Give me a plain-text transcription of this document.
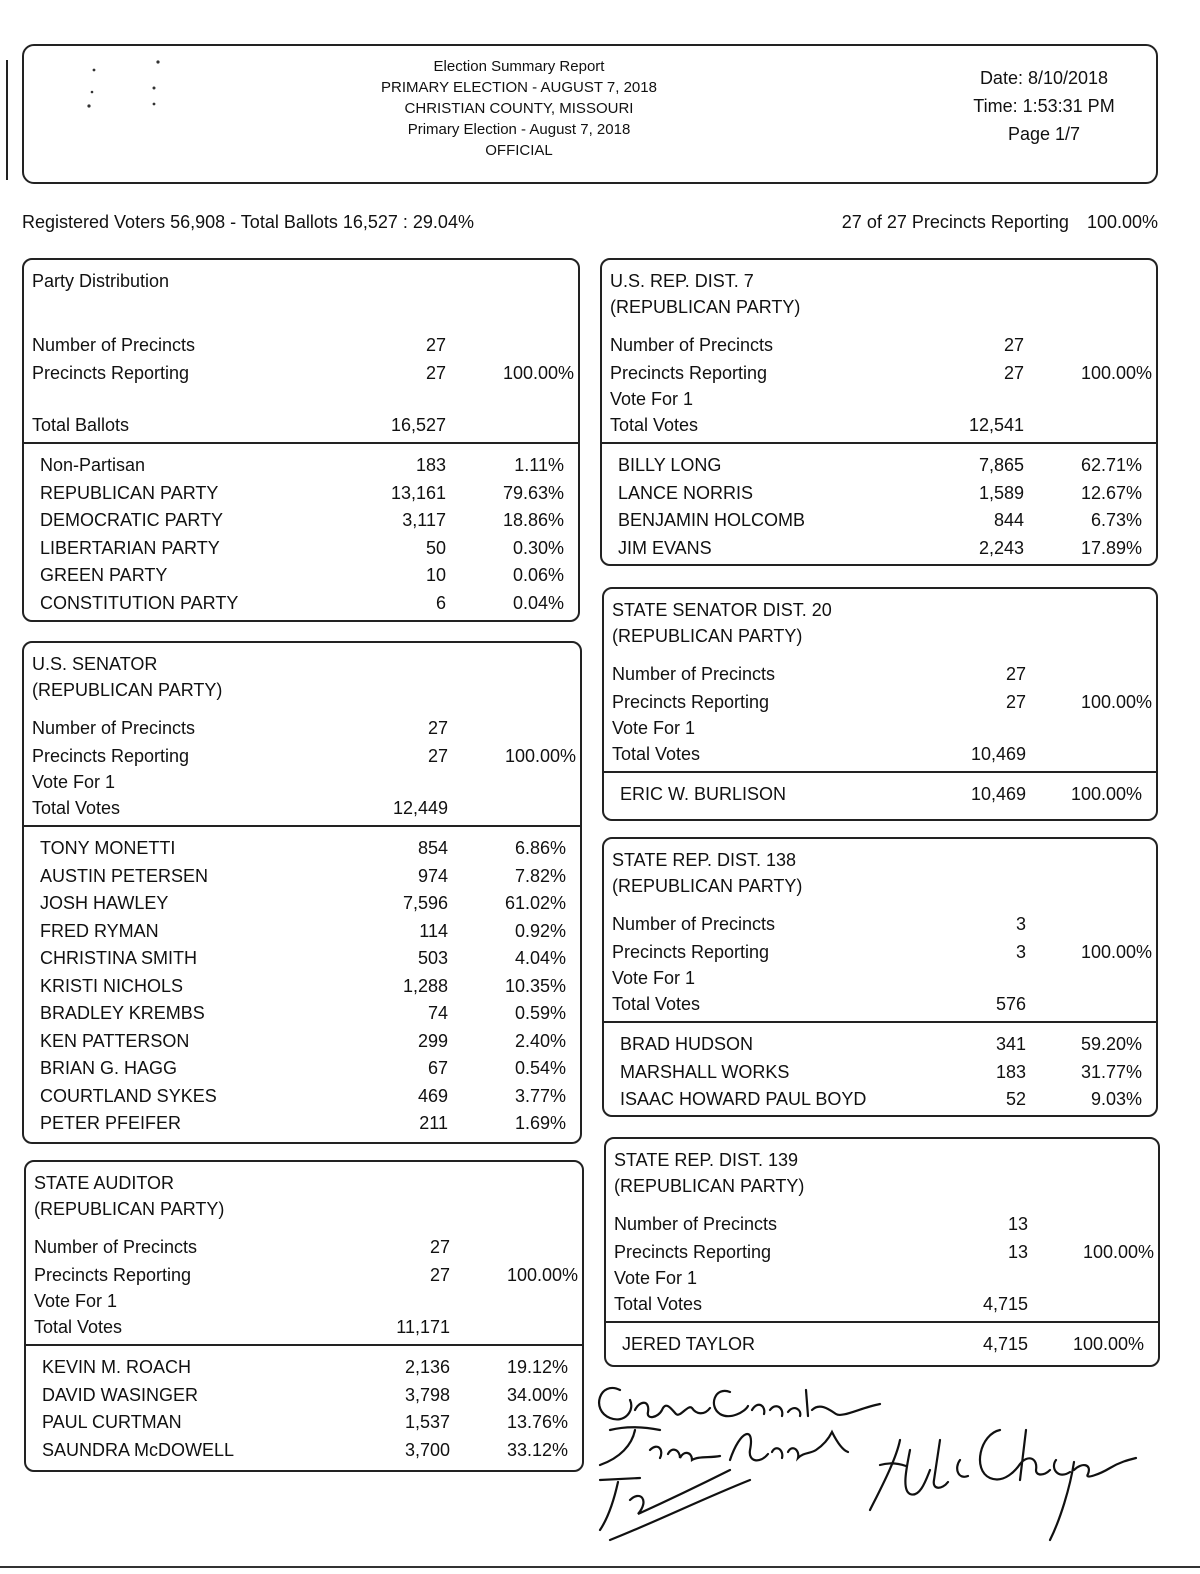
Election Summary Report
PRIMARY ELECTION - AUGUST 7, 2018
CHRISTIAN COUNTY, MISSOURI
Primary Election - August 7, 2018
OFFICIAL
Date: 8/10/2018
Time: 1:53:31 PM
Page 1/7
Registered Voters 56,908 - Total Ballots 16,527 : 29.04%	27 of 27 Precincts Reporting 100.00%
Party Distribution
Number of Precincts	27
Precincts Reporting	27	100.00%
Total Ballots	16,527
Non-Partisan	183	1.11%
REPUBLICAN PARTY	13,161	79.63%
DEMOCRATIC PARTY	3,117	18.86%
LIBERTARIAN PARTY	50	0.30%
GREEN PARTY	10	0.06%
CONSTITUTION PARTY	6	0.04%
U.S. SENATOR
(REPUBLICAN PARTY)
Number of Precincts	27
Precincts Reporting	27	100.00%
Vote For 1
Total Votes	12,449
TONY MONETTI	854	6.86%
AUSTIN PETERSEN	974	7.82%
JOSH HAWLEY	7,596	61.02%
FRED RYMAN	114	0.92%
CHRISTINA SMITH	503	4.04%
KRISTI NICHOLS	1,288	10.35%
BRADLEY KREMBS	74	0.59%
KEN PATTERSON	299	2.40%
BRIAN G. HAGG	67	0.54%
COURTLAND SYKES	469	3.77%
PETER PFEIFER	211	1.69%
STATE AUDITOR
(REPUBLICAN PARTY)
Number of Precincts	27
Precincts Reporting	27	100.00%
Vote For 1
Total Votes	11,171
KEVIN M. ROACH	2,136	19.12%
DAVID WASINGER	3,798	34.00%
PAUL CURTMAN	1,537	13.76%
SAUNDRA McDOWELL	3,700	33.12%
U.S. REP. DIST. 7
(REPUBLICAN PARTY)
Number of Precincts	27
Precincts Reporting	27	100.00%
Vote For 1
Total Votes	12,541
BILLY LONG	7,865	62.71%
LANCE NORRIS	1,589	12.67%
BENJAMIN HOLCOMB	844	6.73%
JIM EVANS	2,243	17.89%
STATE SENATOR DIST. 20
(REPUBLICAN PARTY)
Number of Precincts	27
Precincts Reporting	27	100.00%
Vote For 1
Total Votes	10,469
ERIC W. BURLISON	10,469 100.00%
STATE REP. DIST. 138
(REPUBLICAN PARTY)
Number of Precincts	3
Precincts Reporting	3	100.00%
Vote For 1
Total Votes	576
BRAD HUDSON	341	59.20%
MARSHALL WORKS	183	31.77%
ISAAC HOWARD PAUL BOYD	52	9.03%
STATE REP. DIST. 139
(REPUBLICAN PARTY)
Number of Precincts	13
Precincts Reporting	13	100.00%
Vote For 1
Total Votes	4,715
JERED TAYLOR	4,715 100.00%
